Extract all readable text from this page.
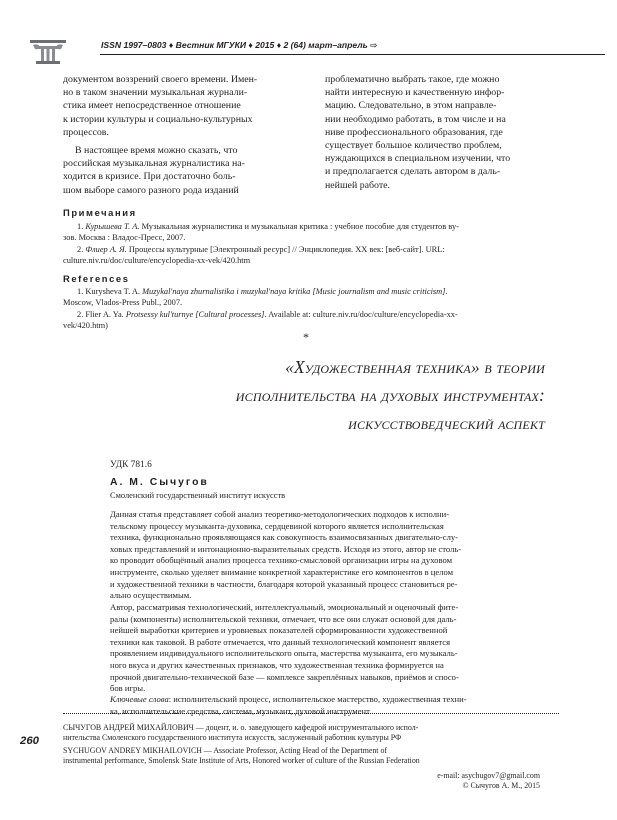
ISSN 1997–0803 ♦ Вестник МГУКИ ♦ 2015 ♦ 2 (64) март–апрель ⇨

документом воззрений своего времени. Имен-

но в таком значении музыкальная журнали-

стика имеет непосредственное отношение

к истории культуры и социально-культурных

процессов.

В настоящее время можно сказать, что

российская музыкальная журналистика на-

ходится в кризисе. При достаточно боль-

шом выборе самого разного рода изданий

проблематично выбрать такое, где можно

найти интересную и качественную инфор-

мацию. Следовательно, в этом направле-

нии необходимо работать, в том числе и на

ниве профессионального образования, где

существует большое количество проблем,

нуждающихся в специальном изучении, что

и предполагается сделать автором в даль-

нейшей работе.

Примечания
1. Курышева Т. А. Музыкальная журналистика и музыкальная критика : учебное пособие для студентов ву-
зов. Москва : Владос-Пресс, 2007.
2. Флиер А. Я. Процессы культурные [Электронный ресурс] // Энциклопедия. XX век: [веб-сайт]. URL:
culture.niv.ru/doc/culture/encyclopedia-xx-vek/420.htm
References
1. Kurysheva T. A. Muzykal'naya zhurnalistika i muzykal'naya kritika [Music journalism and music criticism].
Moscow, Vlados-Press Publ., 2007.
2. Flier A. Ya. Protsessy kul'turnye [Cultural processes]. Available at: culture.niv.ru/doc/culture/encyclopedia-xx-
vek/420.htm)
*
«Художественная техника» в теории
исполнительства на духовых инструментах:
искусствоведческий аспект
УДК 781.6
А. М. Сычугов
Смоленский государственный институт искусств
Данная статья представляет собой анализ теоретико-методологических подходов к исполни-
тельскому процессу музыканта-духовика, сердцевиной которого является исполнительская
техника, функционально проявляющаяся как совокупность взаимосвязанных двигательно-слу-
ховых представлений и интонационно-выразительных средств. Исходя из этого, автор не столь-
ко проводит обобщённый анализ процесса технико-смысловой организации игры на духовом
инструменте, сколько уделяет внимание конкретной характеристике его компонентов в целом
и художественной техники в частности, благодаря которой указанный процесс становиться ре-
ально осуществимым.
Автор, рассматривая технологический, интеллектуальный, эмоциональный и оценочный фите-
ралы (компоненты) исполнительской техники, отмечает, что все они служат основой для даль-
нейшей выработки критериев и уровневых показателей сформированности художественной
техники как таковой. В работе отмечается, что данный технологический компонент является
проявлением индивидуального исполнительского опыта, мастерства музыканта, его музыкаль-
ного вкуса и других качественных признаков, что художественная техника формируется на
прочной двигательно-технической базе — комплексе закреплённых навыков, приёмов и спосо-
бов игры.
Ключевые слова: исполнительский процесс, исполнительское мастерство, художественная техни-
ка, исполнительские средства, система, музыкант, духовой инструмент.
260
СЫЧУГОВ АНДРЕЙ МИХАЙЛОВИЧ — доцент, и. о. заведующего кафедрой инструментального испол-
нительства Смоленского государственного института искусств, заслуженный работник культуры РФ
SYCHUGOV ANDREY MIKHAILOVICH — Associate Professor, Acting Head of the Department of
instrumental performance, Smolensk State Institute of Arts, Honored worker of culture of the Russian Federation
e-mail: asychugov7@gmail.com
© Сычугов А. М., 2015
